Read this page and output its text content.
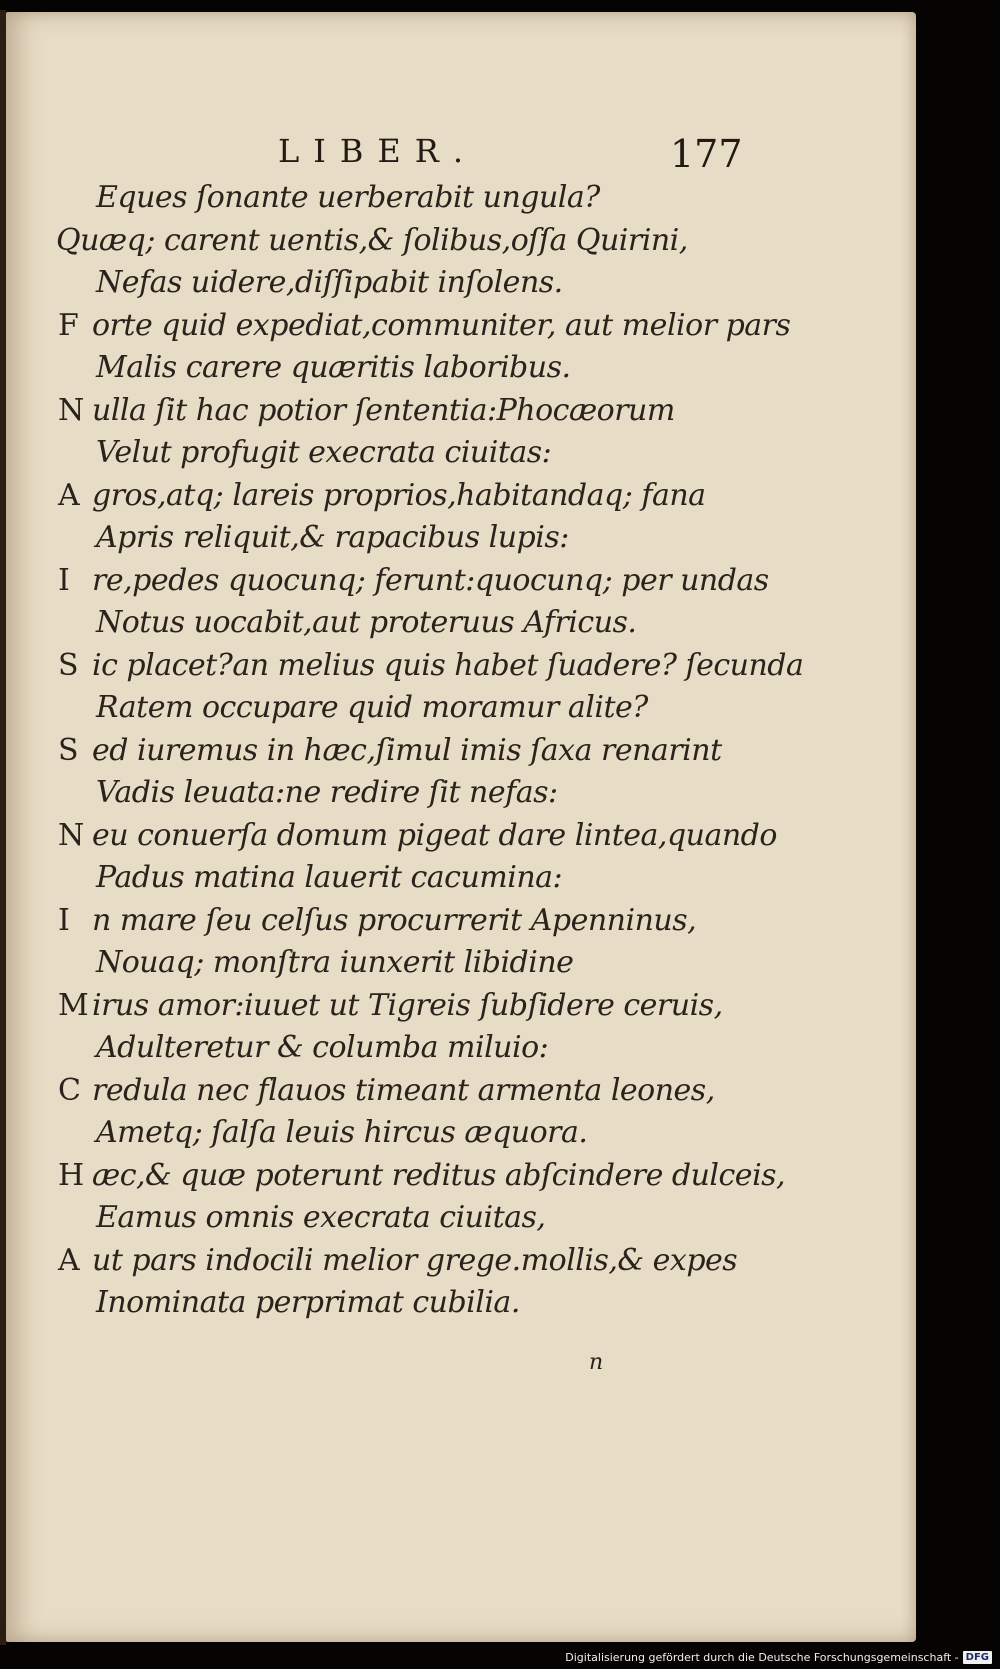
LIBER.	177
Eques ſonante uerberabit ungula?
Quæq; carent uentis,& ſolibus,oſſa Quirini,
Nefas uidere,diſſipabit inſolens.
F orte quid expediat,communiter, aut melior pars
Malis carere quæritis laboribus.
N ulla ſit hac potior ſententia:Phocæorum
Velut profugit execrata ciuitas:
A gros,atq; lareis proprios,habitandaq; fana
Apris reliquit,& rapacibus lupis:
I re,pedes quocunq; ferunt:quocunq; per undas
Notus uocabit,aut proteruus Africus.
S ic placet?an melius quis habet ſuadere? ſecunda
Ratem occupare quid moramur alite?
S ed iuremus in hæc,ſimul imis ſaxa renarint
Vadis leuata:ne redire ſit nefas:
N eu conuerſa domum pigeat dare lintea,quando
Padus matina lauerit cacumina:
I n mare ſeu celſus procurrerit Apenninus,
Nouaq; monſtra iunxerit libidine
M irus amor:iuuet ut Tigreis ſubſidere ceruis,
Adulteretur & columba miluio:
C redula nec flauos timeant armenta leones,
Ametq; ſalſa leuis hircus æquora.
H æc,& quæ poterunt reditus abſcindere dulceis,
Eamus omnis execrata ciuitas,
A ut pars indocili melior grege.mollis,& expes
Inominata perprimat cubilia.
n
Digitalisierung gefördert durch die Deutsche Forschungsgemeinschaft - DFG
